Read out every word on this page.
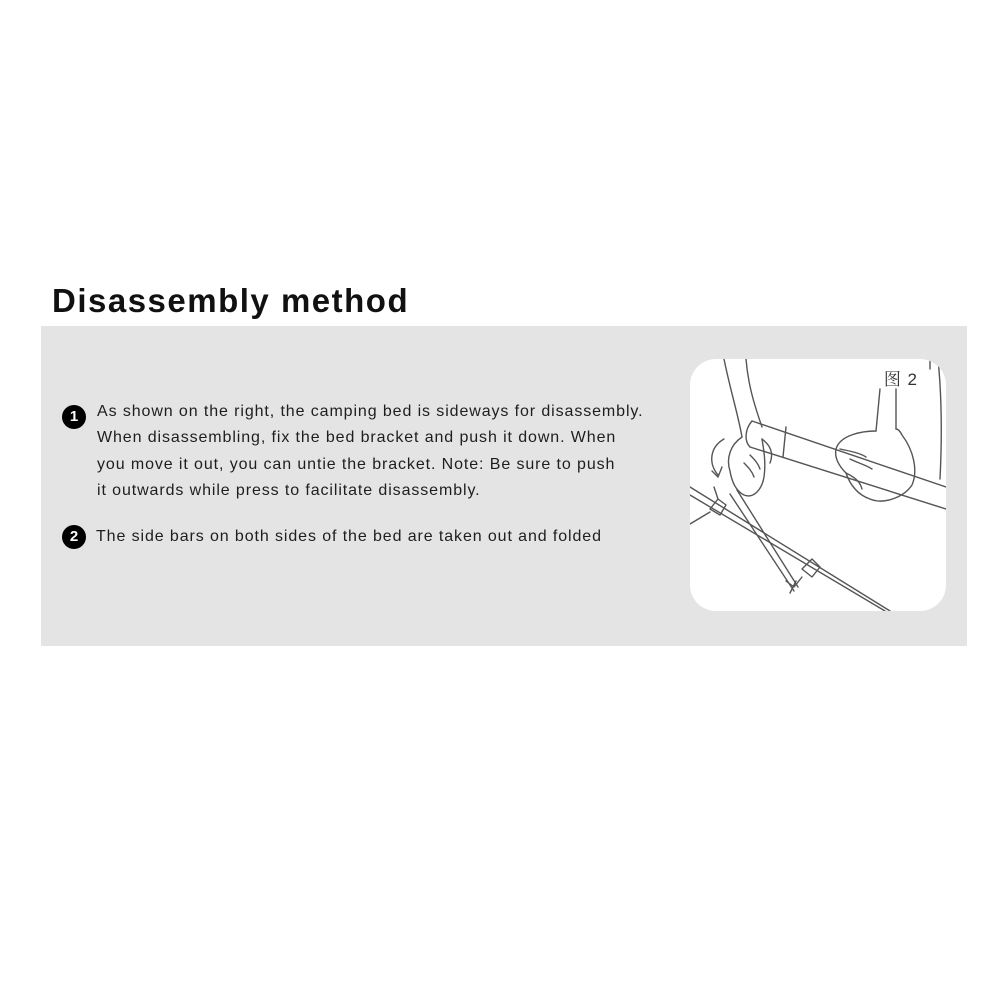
Disassembly method
1	As shown on the right, the camping bed is sideways for disassembly.
When disassembling, fix the bed bracket and push it down. When
you move it out, you can untie the bracket. Note: Be sure to push
it outwards while press to facilitate disassembly.
2	The side bars on both sides of the bed are taken out and folded
图 2
